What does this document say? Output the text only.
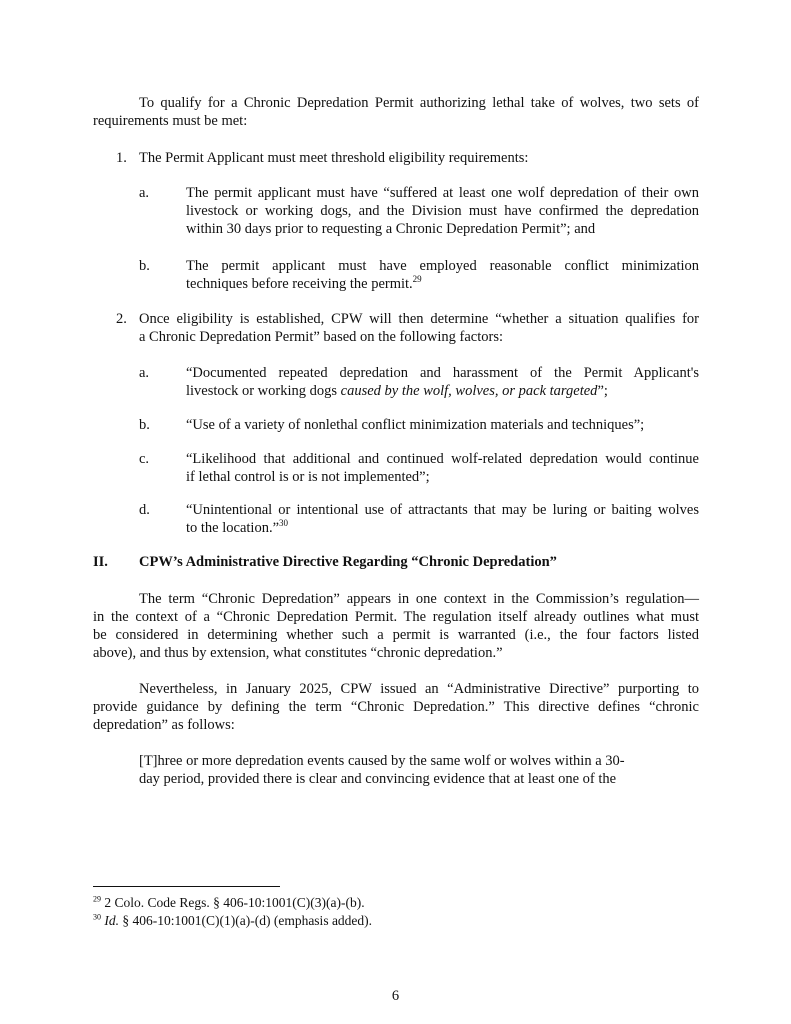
To qualify for a Chronic Depredation Permit authorizing lethal take of wolves, two sets of
requirements must be met:
1. The Permit Applicant must meet threshold eligibility requirements:
a.	The permit applicant must have “suffered at least one wolf depredation of their own
livestock or working dogs, and the Division must have confirmed the depredation
within 30 days prior to requesting a Chronic Depredation Permit”; and
b. The permit applicant must have employed reasonable conflict minimization
techniques before receiving the permit.$^{29}$
2. Once eligibility is established, CPW will then determine “whether a situation qualifies for
a Chronic Depredation Permit” based on the following factors:
a.	“Documented repeated depredation and harassment of the Permit Applicant's
livestock or working dogs caused by the wolf, wolves, or pack targeted”;
b. “Use of a variety of nonlethal conflict minimization materials and techniques”;
c.	“Likelihood that additional and continued wolf-related depredation would continue
if lethal control is or is not implemented”;
d. “Unintentional or intentional use of attractants that may be luring or baiting wolves
to the location.”$^{30}$
II. CPW’s Administrative Directive Regarding “Chronic Depredation”
The term “Chronic Depredation” appears in one context in the Commission’s regulation—
in the context of a “Chronic Depredation Permit. The regulation itself already outlines what must
be considered in determining whether such a permit is warranted (i.e., the four factors listed
above), and thus by extension, what constitutes “chronic depredation.”
Nevertheless, in January 2025, CPW issued an “Administrative Directive” purporting to
provide guidance by defining the term “Chronic Depredation.” This directive defines “chronic
depredation” as follows:
[T]hree or more depredation events caused by the same wolf or wolves within a 30-
day period, provided there is clear and convincing evidence that at least one of the
$^{29}$ 2 Colo. Code Regs. § 406-10:1001(C)(3)(a)-(b).
$^{30}$ Id. § 406-10:1001(C)(1)(a)-(d) (emphasis added).
6
